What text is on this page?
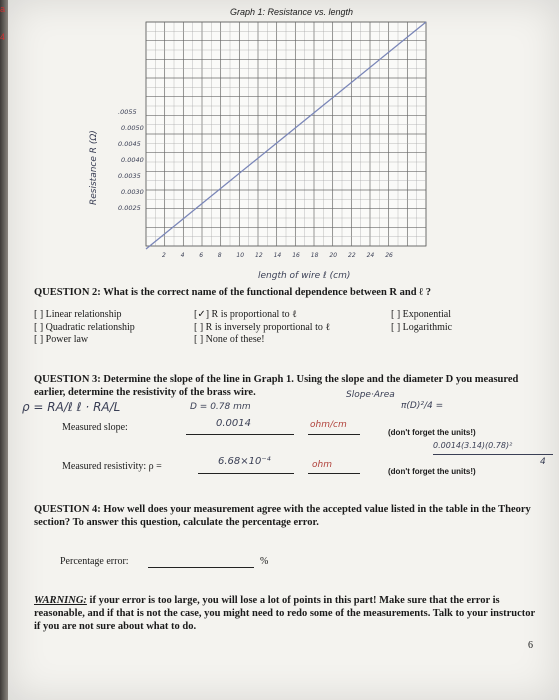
a
4
Graph 1: Resistance vs. length
.0055
0.0050
0.0045
0.0040
0.0035
0.0030
0.0025
2 4 6 8 10 12 14 16 18 20 22 24 26
Resistance R (Ω)
length of wire ℓ (cm)
QUESTION 2: What is the correct name of the functional dependence between R and ℓ ?
[ ] Linear relationship
[ ] Quadratic relationship
[ ] Power law
[✓] R is proportional to ℓ
[ ] R is inversely proportional to ℓ
[ ] None of these!
[ ] Exponential
[ ] Logarithmic
QUESTION 3: Determine the slope of the line in Graph 1. Using the slope and the diameter D you measured earlier, determine the resistivity of the brass wire.
ρ = RA/ℓ ℓ · RA/L	D = 0.78 mm
Slope·Area
π(D)²/4 =
Measured slope:	0.0014	ohm/cm
(don't forget the units!)
0.0014(3.14)(0.78)²
4
Measured resistivity: ρ =	6.68×10⁻⁴	ohm
(don't forget the units!)
QUESTION 4: How well does your measurement agree with the accepted value listed in the table in the Theory section? To answer this question, calculate the percentage error.
Percentage error:	%
WARNING: if your error is too large, you will lose a lot of points in this part! Make sure that the error is reasonable, and if that is not the case, you might need to redo some of the measurements. Talk to your instructor if you are not sure about what to do.
6
